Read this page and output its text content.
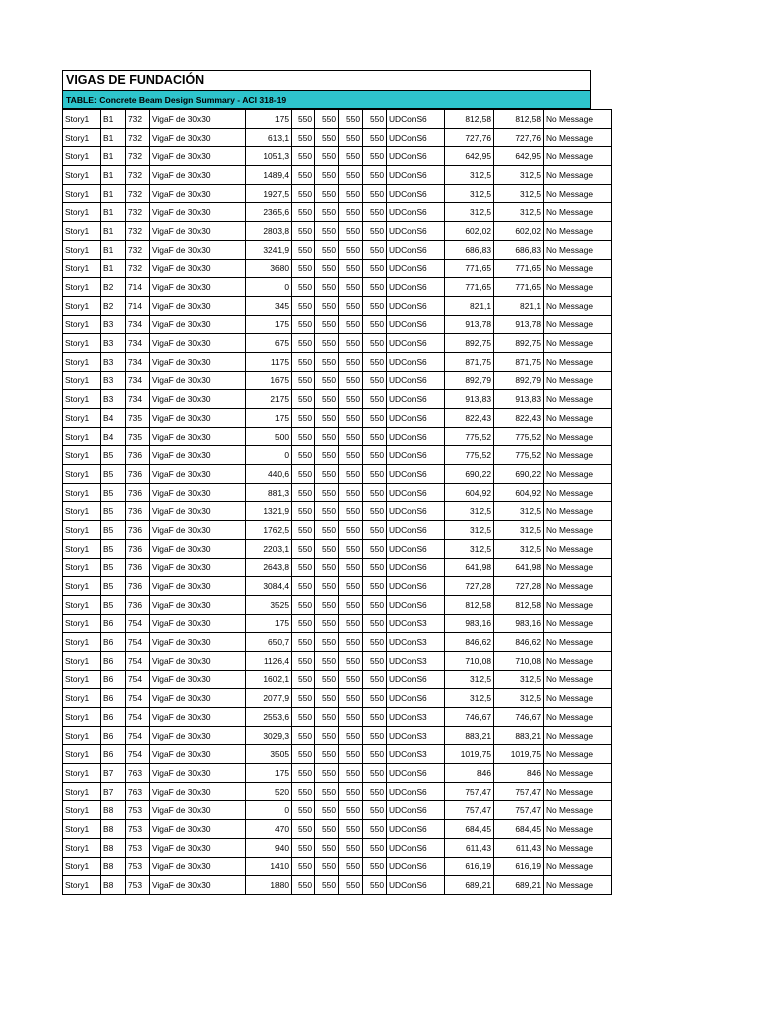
VIGAS DE FUNDACIÓN
TABLE: Concrete Beam Design Summary - ACI 318-19
Story1	B1	732	VigaF de 30x30	175	550	550	550	550	UDConS6	812,58	812,58	No Message
Story1	B1	732	VigaF de 30x30	613,1	550	550	550	550	UDConS6	727,76	727,76	No Message
Story1	B1	732	VigaF de 30x30	1051,3	550	550	550	550	UDConS6	642,95	642,95	No Message
Story1	B1	732	VigaF de 30x30	1489,4	550	550	550	550	UDConS6	312,5	312,5	No Message
Story1	B1	732	VigaF de 30x30	1927,5	550	550	550	550	UDConS6	312,5	312,5	No Message
Story1	B1	732	VigaF de 30x30	2365,6	550	550	550	550	UDConS6	312,5	312,5	No Message
Story1	B1	732	VigaF de 30x30	2803,8	550	550	550	550	UDConS6	602,02	602,02	No Message
Story1	B1	732	VigaF de 30x30	3241,9	550	550	550	550	UDConS6	686,83	686,83	No Message
Story1	B1	732	VigaF de 30x30	3680	550	550	550	550	UDConS6	771,65	771,65	No Message
Story1	B2	714	VigaF de 30x30	0	550	550	550	550	UDConS6	771,65	771,65	No Message
Story1	B2	714	VigaF de 30x30	345	550	550	550	550	UDConS6	821,1	821,1	No Message
Story1	B3	734	VigaF de 30x30	175	550	550	550	550	UDConS6	913,78	913,78	No Message
Story1	B3	734	VigaF de 30x30	675	550	550	550	550	UDConS6	892,75	892,75	No Message
Story1	B3	734	VigaF de 30x30	1175	550	550	550	550	UDConS6	871,75	871,75	No Message
Story1	B3	734	VigaF de 30x30	1675	550	550	550	550	UDConS6	892,79	892,79	No Message
Story1	B3	734	VigaF de 30x30	2175	550	550	550	550	UDConS6	913,83	913,83	No Message
Story1	B4	735	VigaF de 30x30	175	550	550	550	550	UDConS6	822,43	822,43	No Message
Story1	B4	735	VigaF de 30x30	500	550	550	550	550	UDConS6	775,52	775,52	No Message
Story1	B5	736	VigaF de 30x30	0	550	550	550	550	UDConS6	775,52	775,52	No Message
Story1	B5	736	VigaF de 30x30	440,6	550	550	550	550	UDConS6	690,22	690,22	No Message
Story1	B5	736	VigaF de 30x30	881,3	550	550	550	550	UDConS6	604,92	604,92	No Message
Story1	B5	736	VigaF de 30x30	1321,9	550	550	550	550	UDConS6	312,5	312,5	No Message
Story1	B5	736	VigaF de 30x30	1762,5	550	550	550	550	UDConS6	312,5	312,5	No Message
Story1	B5	736	VigaF de 30x30	2203,1	550	550	550	550	UDConS6	312,5	312,5	No Message
Story1	B5	736	VigaF de 30x30	2643,8	550	550	550	550	UDConS6	641,98	641,98	No Message
Story1	B5	736	VigaF de 30x30	3084,4	550	550	550	550	UDConS6	727,28	727,28	No Message
Story1	B5	736	VigaF de 30x30	3525	550	550	550	550	UDConS6	812,58	812,58	No Message
Story1	B6	754	VigaF de 30x30	175	550	550	550	550	UDConS3	983,16	983,16	No Message
Story1	B6	754	VigaF de 30x30	650,7	550	550	550	550	UDConS3	846,62	846,62	No Message
Story1	B6	754	VigaF de 30x30	1126,4	550	550	550	550	UDConS3	710,08	710,08	No Message
Story1	B6	754	VigaF de 30x30	1602,1	550	550	550	550	UDConS6	312,5	312,5	No Message
Story1	B6	754	VigaF de 30x30	2077,9	550	550	550	550	UDConS6	312,5	312,5	No Message
Story1	B6	754	VigaF de 30x30	2553,6	550	550	550	550	UDConS3	746,67	746,67	No Message
Story1	B6	754	VigaF de 30x30	3029,3	550	550	550	550	UDConS3	883,21	883,21	No Message
Story1	B6	754	VigaF de 30x30	3505	550	550	550	550	UDConS3	1019,75	1019,75	No Message
Story1	B7	763	VigaF de 30x30	175	550	550	550	550	UDConS6	846	846	No Message
Story1	B7	763	VigaF de 30x30	520	550	550	550	550	UDConS6	757,47	757,47	No Message
Story1	B8	753	VigaF de 30x30	0	550	550	550	550	UDConS6	757,47	757,47	No Message
Story1	B8	753	VigaF de 30x30	470	550	550	550	550	UDConS6	684,45	684,45	No Message
Story1	B8	753	VigaF de 30x30	940	550	550	550	550	UDConS6	611,43	611,43	No Message
Story1	B8	753	VigaF de 30x30	1410	550	550	550	550	UDConS6	616,19	616,19	No Message
Story1	B8	753	VigaF de 30x30	1880	550	550	550	550	UDConS6	689,21	689,21	No Message
